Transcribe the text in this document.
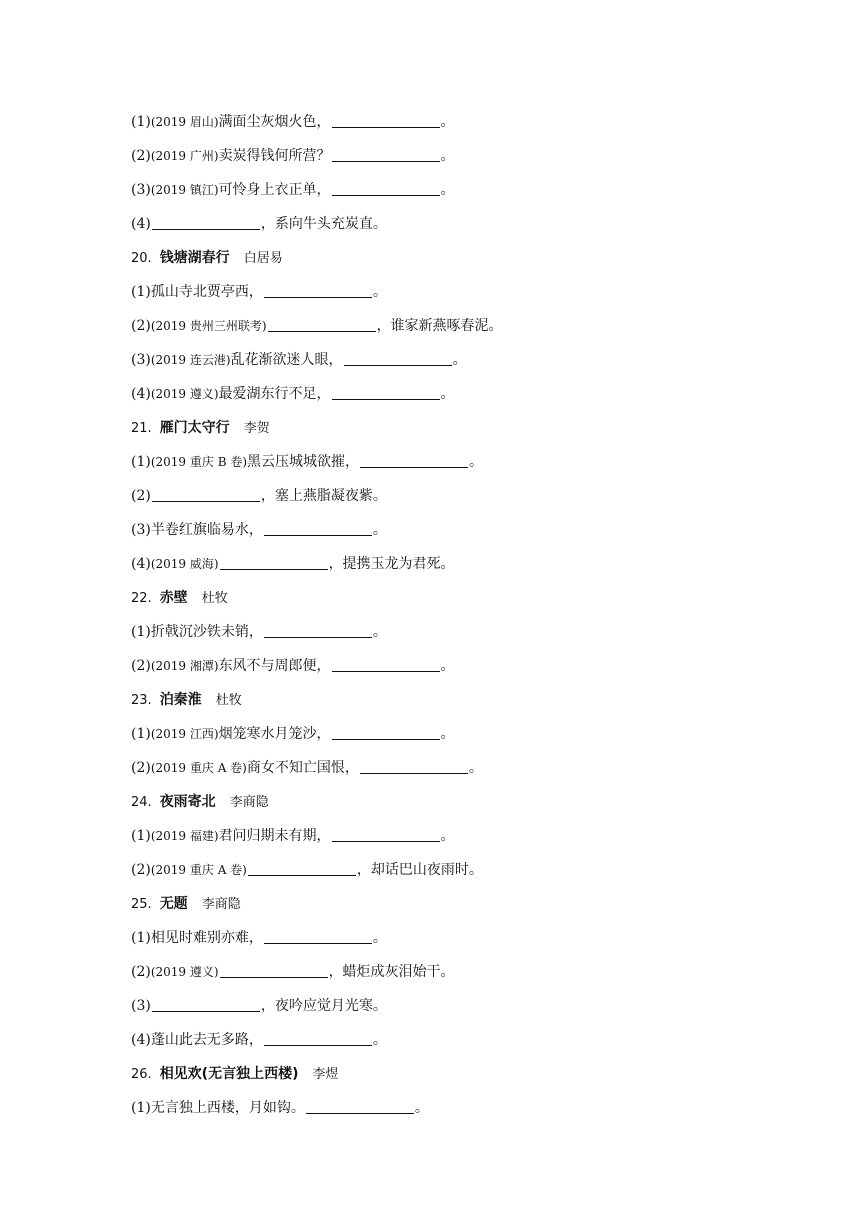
(1)(2019 眉山)满面尘灰烟火色，	。
(2)(2019 广州)卖炭得钱何所营？	。
(3)(2019 镇江)可怜身上衣正单，	。
(4)	，系向牛头充炭直。
20. 钱塘湖春行 白居易
(1)孤山寺北贾亭西，	。
(2)(2019 贵州三州联考)	，谁家新燕啄春泥。
(3)(2019 连云港)乱花渐欲迷人眼，	。
(4)(2019 遵义)最爱湖东行不足，	。
21. 雁门太守行 李贺
(1)(2019 重庆 B 卷)黑云压城城欲摧，	。
(2)	，塞上燕脂凝夜紫。
(3)半卷红旗临易水，	。
(4)(2019 威海)	，提携玉龙为君死。
22. 赤壁 杜牧
(1)折戟沉沙铁未销，	。
(2)(2019 湘潭)东风不与周郎便，	。
23. 泊秦淮 杜牧
(1)(2019 江西)烟笼寒水月笼沙，	。
(2)(2019 重庆 A 卷)商女不知亡国恨，	。
24. 夜雨寄北 李商隐
(1)(2019 福建)君问归期未有期，	。
(2)(2019 重庆 A 卷)	，却话巴山夜雨时。
25. 无题 李商隐
(1)相见时难别亦难，	。
(2)(2019 遵义)	，蜡炬成灰泪始干。
(3)	，夜吟应觉月光寒。
(4)蓬山此去无多路，	。
26. 相见欢(无言独上西楼) 李煜
(1)无言独上西楼，月如钩。	。
